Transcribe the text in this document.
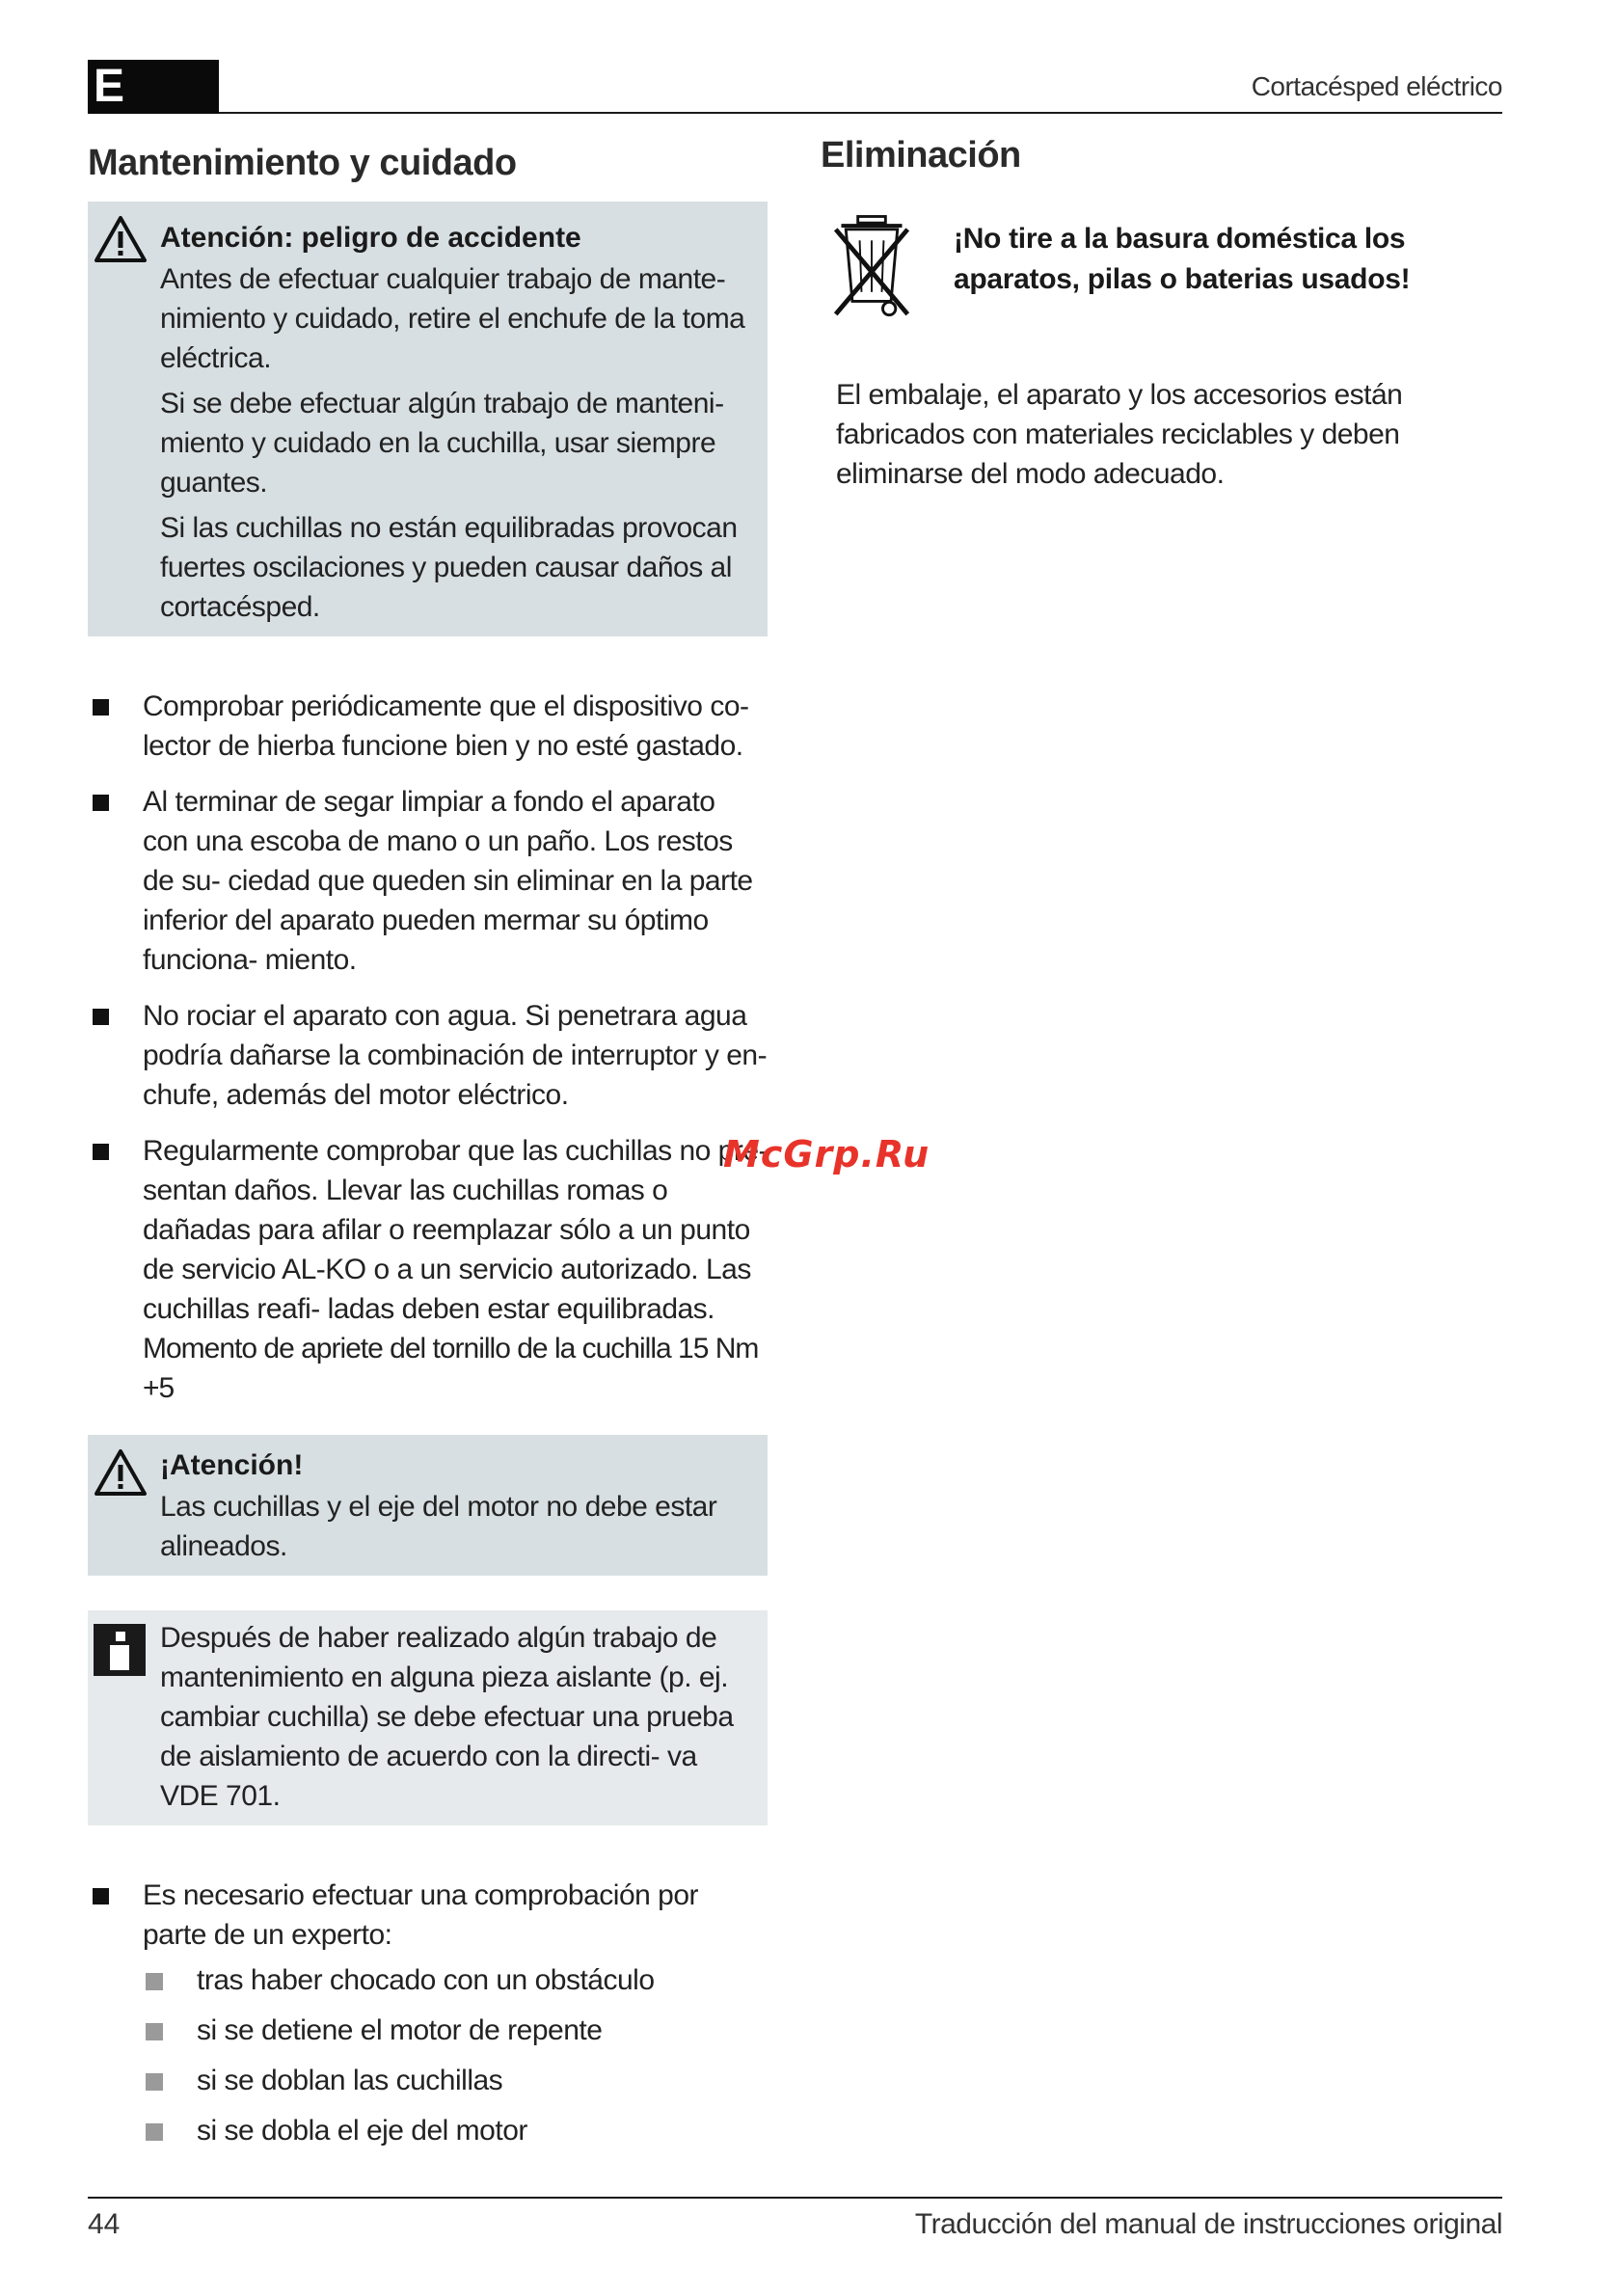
E	Cortacésped eléctrico
Mantenimiento y cuidado
Atención: peligro de accidente

Antes de efectuar cualquier trabajo de mante- nimiento y cuidado, retire el enchufe de la toma eléctrica.

Si se debe efectuar algún trabajo de manteni- miento y cuidado en la cuchilla, usar siempre guantes.

Si las cuchillas no están equilibradas provocan fuertes oscilaciones y pueden causar daños al cortacésped.

Comprobar periódicamente que el dispositivo co- lector de hierba funcione bien y no esté gastado.
Al terminar de segar limpiar a fondo el aparato con una escoba de mano o un paño. Los restos de su- ciedad que queden sin eliminar en la parte inferior del aparato pueden mermar su óptimo funciona- miento.
No rociar el aparato con agua. Si penetrara agua podría dañarse la combinación de interruptor y en- chufe, además del motor eléctrico.
Regularmente comprobar que las cuchillas no pre- sentan daños. Llevar las cuchillas romas o dañadas para afilar o reemplazar sólo a un punto de servicio AL-KO o a un servicio autorizado. Las cuchillas reafi- ladas deben estar equilibradas.
Momento de apriete del tornillo de la cuchilla 15 Nm +5
¡Atención!

Las cuchillas y el eje del motor no debe estar alineados.

Después de haber realizado algún trabajo de mantenimiento en alguna pieza aislante (p. ej. cambiar cuchilla) se debe efectuar una prueba de aislamiento de acuerdo con la directi- va VDE 701.

Es necesario efectuar una comprobación por parte de un experto:
tras haber chocado con un obstáculo
si se detiene el motor de repente
si se doblan las cuchillas
si se dobla el eje del motor
Eliminación
¡No tire a la basura doméstica los aparatos, pilas o baterias usados!

El embalaje, el aparato y los accesorios están fabricados con materiales reciclables y deben eliminarse del modo adecuado.

McGrp.Ru
44	Traducción del manual de instrucciones original
